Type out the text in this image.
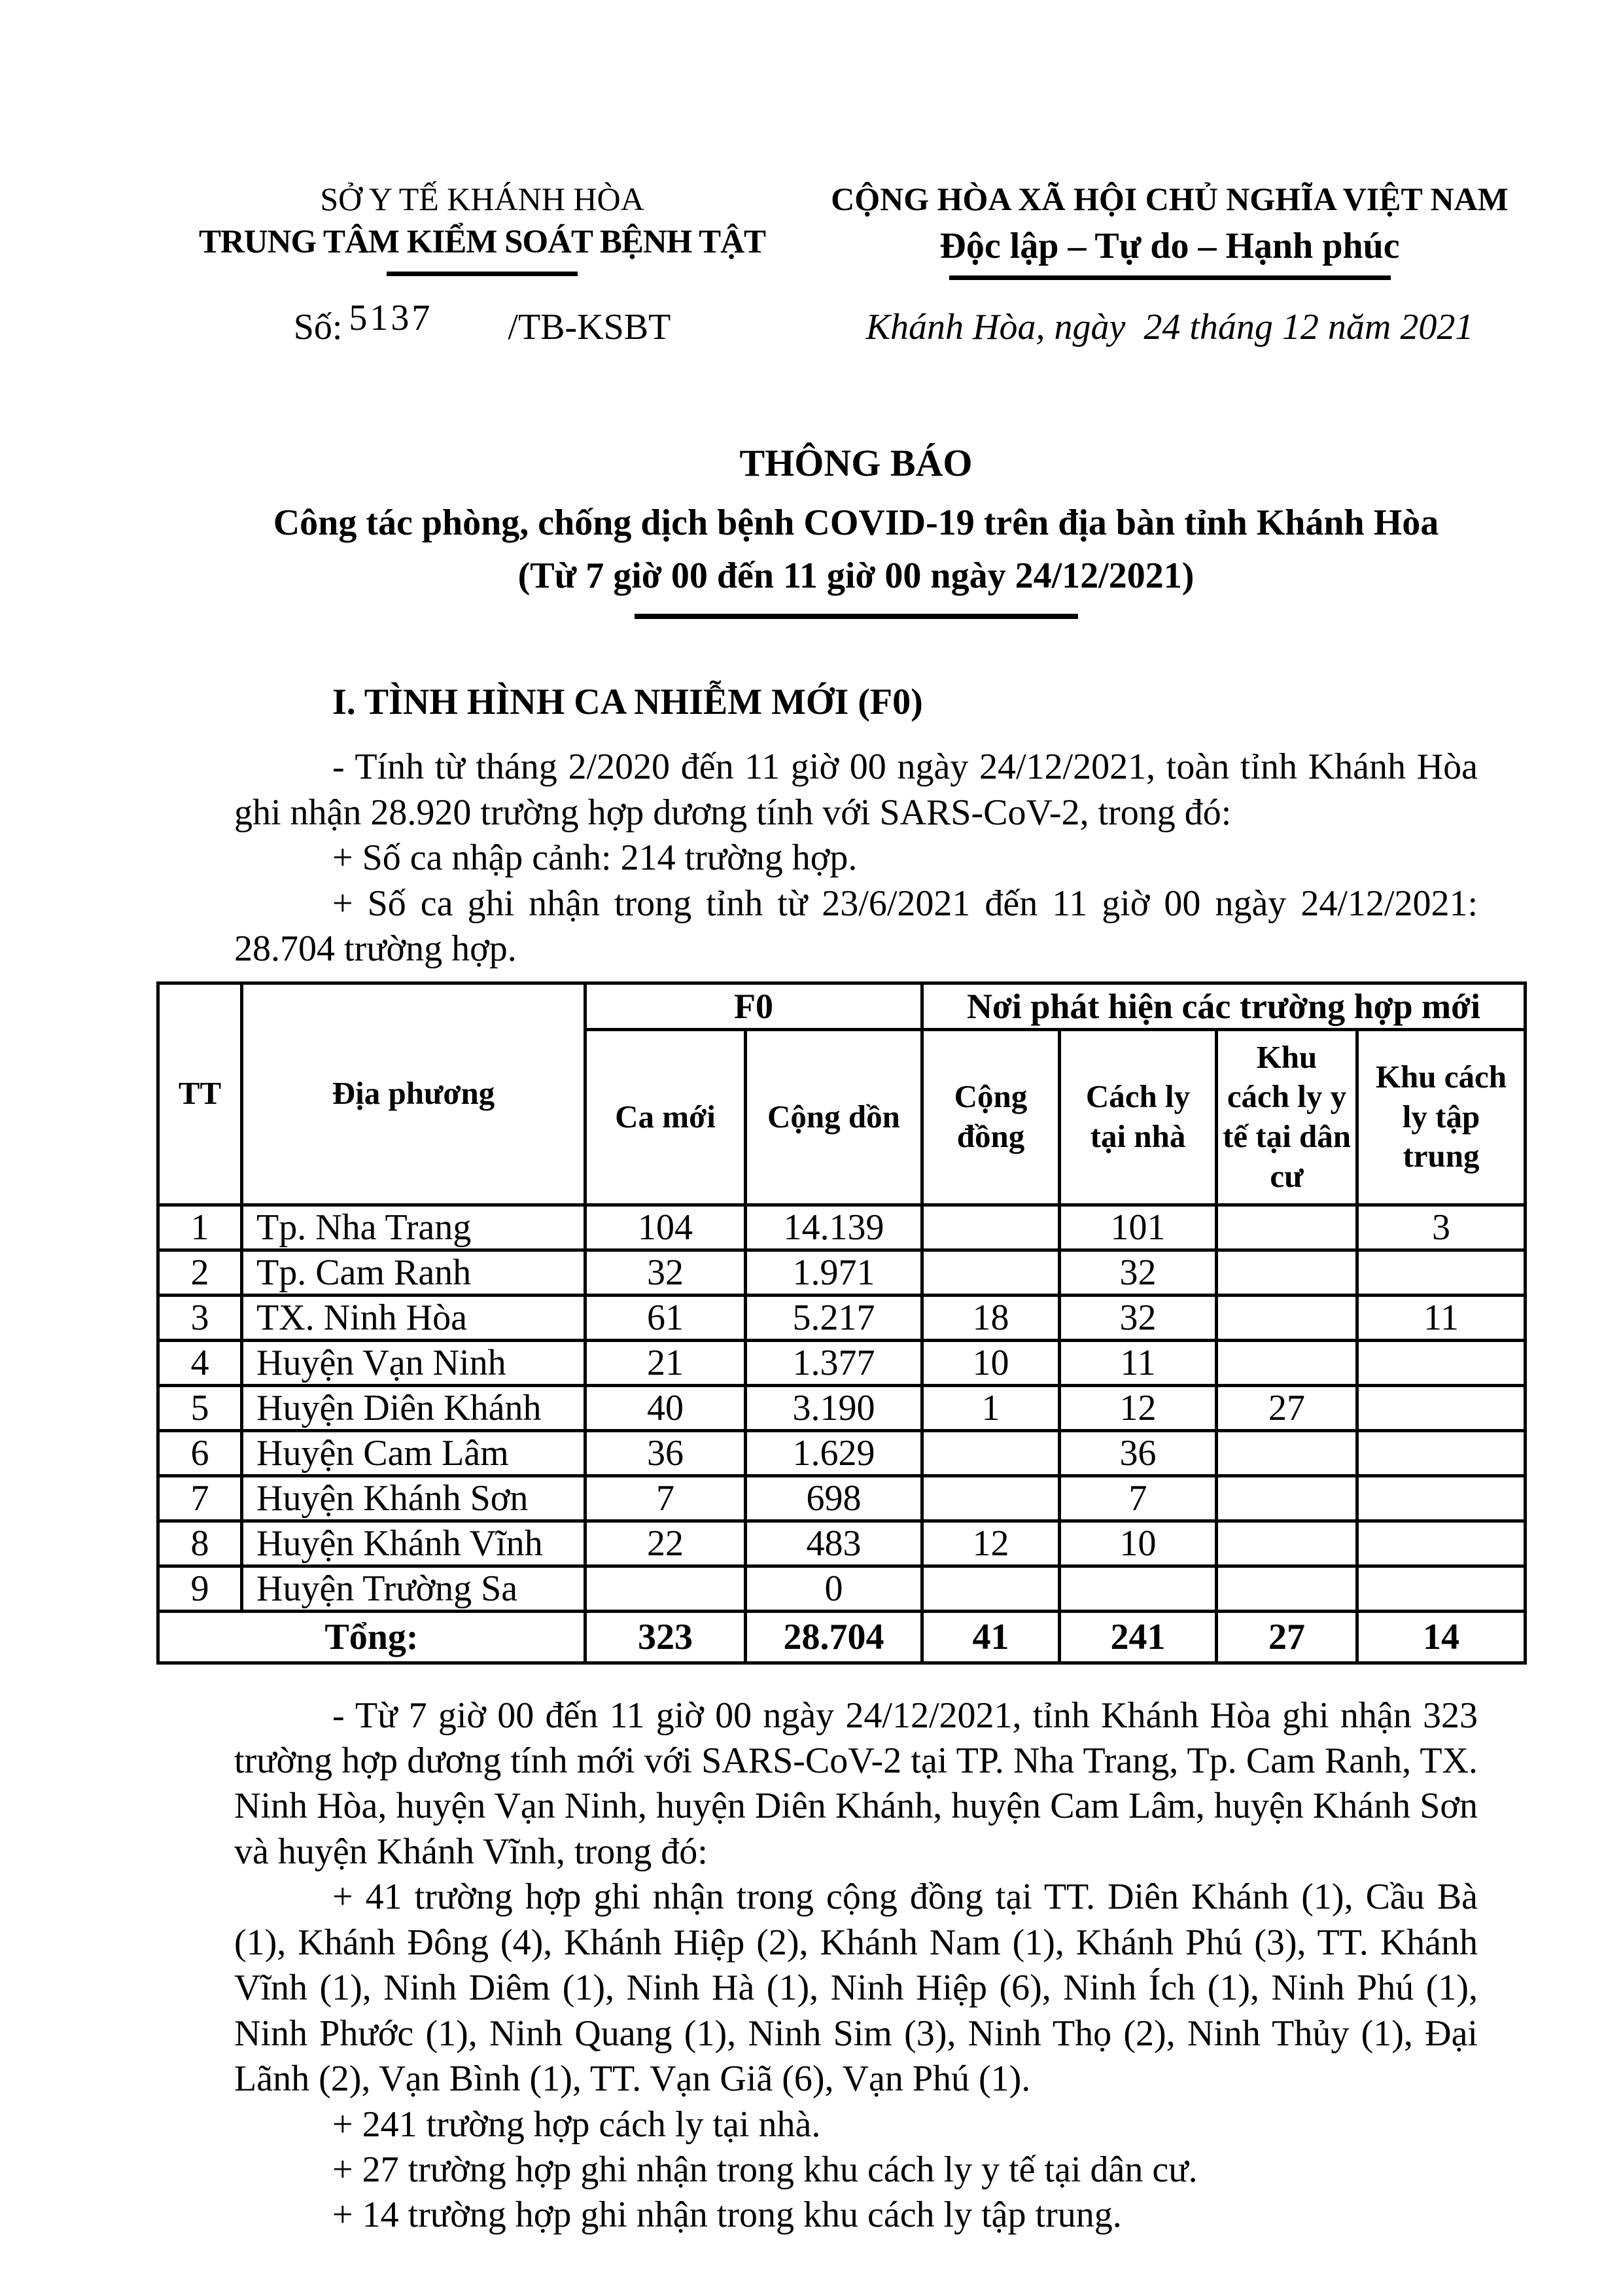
SỞ Y TẾ KHÁNH HÒA
TRUNG TÂM KIỂM SOÁT BỆNH TẬT
Số: 5137 /TB-KSBT
CỘNG HÒA XÃ HỘI CHỦ NGHĨA VIỆT NAM
Độc lập – Tự do – Hạnh phúc
Khánh Hòa, ngày  24 tháng 12 năm 2021
THÔNG BÁO
Công tác phòng, chống dịch bệnh COVID-19 trên địa bàn tỉnh Khánh Hòa
(Từ 7 giờ 00 đến 11 giờ 00 ngày 24/12/2021)
I. TÌNH HÌNH CA NHIỄM MỚI (F0)

- Tính từ tháng 2/2020 đến 11 giờ 00 ngày 24/12/2021, toàn tỉnh Khánh Hòa ghi nhận 28.920 trường hợp dương tính với SARS-CoV-2, trong đó:

+ Số ca nhập cảnh: 214 trường hợp.

+ Số ca ghi nhận trong tỉnh từ 23/6/2021 đến 11 giờ 00 ngày 24/12/2021: 28.704 trường hợp.

TT	Địa phương	F0		Nơi phát hiện các trường hợp mới			
		Ca mới	Cộng dồn	Cộng đồng	Cách ly tại nhà	Khu cách ly y tế tại dân cư	Khu cách ly tập trung
1	Tp. Nha Trang	104	14.139		101		3
2	Tp. Cam Ranh	32	1.971		32		
3	TX. Ninh Hòa	61	5.217	18	32		11
4	Huyện Vạn Ninh	21	1.377	10	11		
5	Huyện Diên Khánh	40	3.190	1	12	27	
6	Huyện Cam Lâm	36	1.629		36		
7	Huyện Khánh Sơn	7	698		7		
8	Huyện Khánh Vĩnh	22	483	12	10		
9	Huyện Trường Sa		0				
Tổng:		323	28.704	41	241	27	14

- Từ 7 giờ 00 đến 11 giờ 00 ngày 24/12/2021, tỉnh Khánh Hòa ghi nhận 323 trường hợp dương tính mới với SARS-CoV-2 tại TP. Nha Trang, Tp. Cam Ranh, TX. Ninh Hòa, huyện Vạn Ninh, huyện Diên Khánh, huyện Cam Lâm, huyện Khánh Sơn và huyện Khánh Vĩnh, trong đó:

+ 41 trường hợp ghi nhận trong cộng đồng tại TT. Diên Khánh (1), Cầu Bà (1), Khánh Đông (4), Khánh Hiệp (2), Khánh Nam (1), Khánh Phú (3), TT. Khánh Vĩnh (1), Ninh Diêm (1), Ninh Hà (1), Ninh Hiệp (6), Ninh Ích (1), Ninh Phú (1), Ninh Phước (1), Ninh Quang (1), Ninh Sim (3), Ninh Thọ (2), Ninh Thủy (1), Đại Lãnh (2), Vạn Bình (1), TT. Vạn Giã (6), Vạn Phú (1).

+ 241 trường hợp cách ly tại nhà.

+ 27 trường hợp ghi nhận trong khu cách ly y tế tại dân cư.

+ 14 trường hợp ghi nhận trong khu cách ly tập trung.
